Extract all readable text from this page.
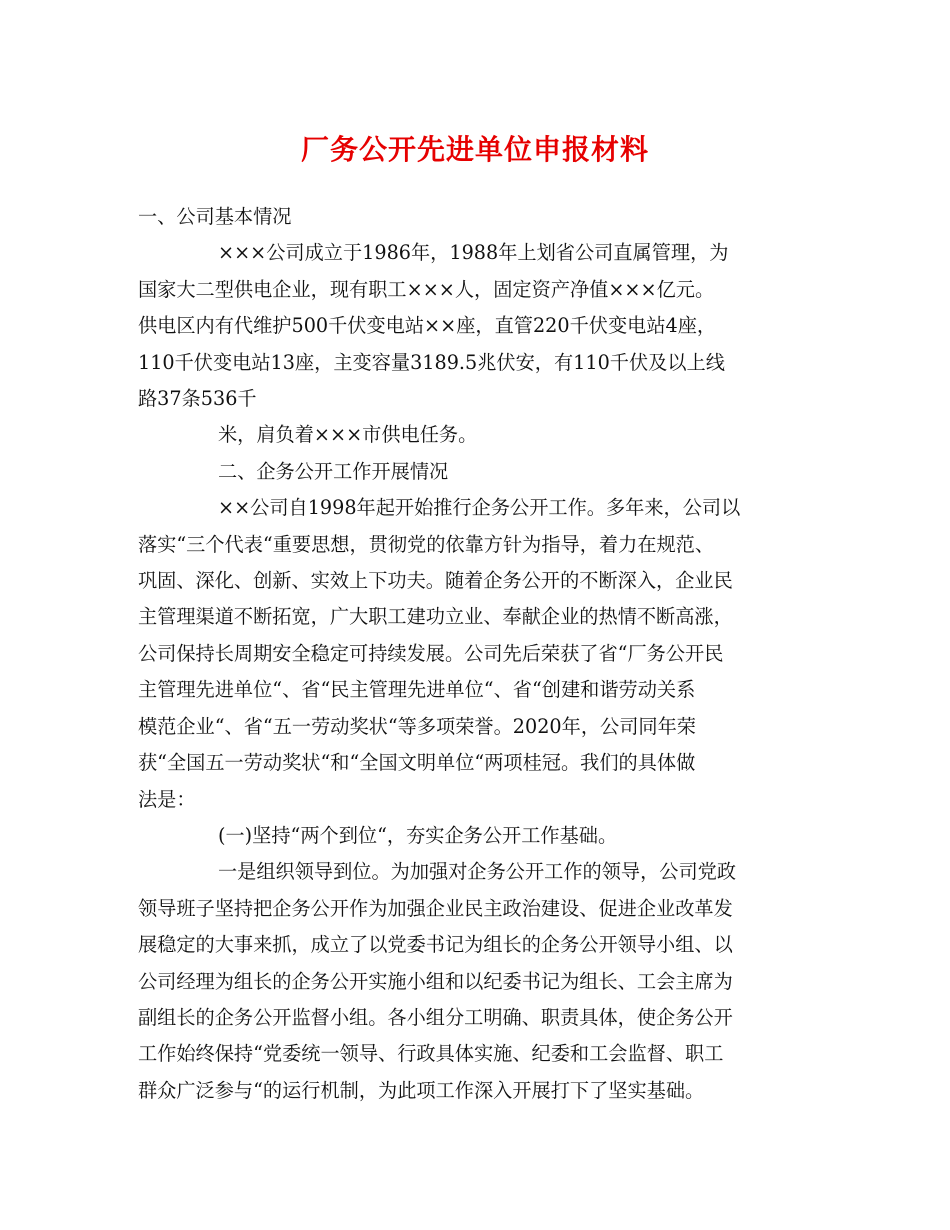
厂务公开先进单位申报材料
一、公司基本情况
×××公司成立于1986年，1988年上划省公司直属管理，为
国家大二型供电企业，现有职工×××人，固定资产净值×××亿元。
供电区内有代维护500千伏变电站××座，直管220千伏变电站4座，
110千伏变电站13座，主变容量3189.5兆伏安，有110千伏及以上线
路37条536千
米，肩负着×××市供电任务。
二、企务公开工作开展情况
××公司自1998年起开始推行企务公开工作。多年来，公司以
落实“三个代表“重要思想，贯彻党的依靠方针为指导，着力在规范、
巩固、深化、创新、实效上下功夫。随着企务公开的不断深入，企业民
主管理渠道不断拓宽，广大职工建功立业、奉献企业的热情不断高涨，
公司保持长周期安全稳定可持续发展。公司先后荣获了省“厂务公开民
主管理先进单位“、省“民主管理先进单位“、省“创建和谐劳动关系
模范企业“、省“五一劳动奖状“等多项荣誉。2020年，公司同年荣
获“全国五一劳动奖状“和“全国文明单位“两项桂冠。我们的具体做
法是：
(一)坚持“两个到位“，夯实企务公开工作基础。
一是组织领导到位。为加强对企务公开工作的领导，公司党政
领导班子坚持把企务公开作为加强企业民主政治建设、促进企业改革发
展稳定的大事来抓，成立了以党委书记为组长的企务公开领导小组、以
公司经理为组长的企务公开实施小组和以纪委书记为组长、工会主席为
副组长的企务公开监督小组。各小组分工明确、职责具体，使企务公开
工作始终保持“党委统一领导、行政具体实施、纪委和工会监督、职工
群众广泛参与“的运行机制，为此项工作深入开展打下了坚实基础。
